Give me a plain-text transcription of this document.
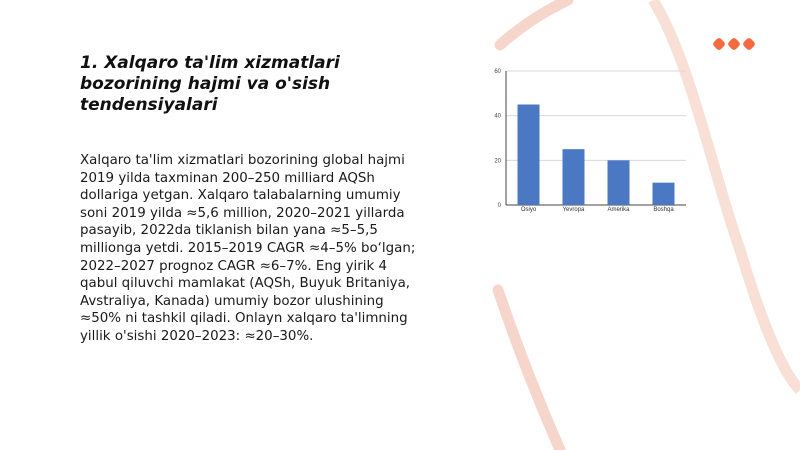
1. Xalqaro ta'lim xizmatlari bozorining hajmi va o'sish tendensiyalari

Xalqaro ta'lim xizmatlari bozorining global hajmi 2019 yilda taxminan 200–250 milliard AQSh dollariga yetgan. Xalqaro talabalarning umumiy soni 2019 yilda ≈5,6 million, 2020–2021 yillarda pasayib, 2022da tiklanish bilan yana ≈5–5,5 millionga yetdi. 2015–2019 CAGR ≈4–5% bo‘lgan; 2022–2027 prognoz CAGR ≈6–7%. Eng yirik 4 qabul qiluvchi mamlakat (AQSh, Buyuk Britaniya, Avstraliya, Kanada) umumiy bozor ulushining ≈50% ni tashkil qiladi. Onlayn xalqaro ta'limning yillik o'sishi 2020–2023: ≈20–30%.

0
20
40
60
Osiyo	Yevropa	Amerika	Boshqa
